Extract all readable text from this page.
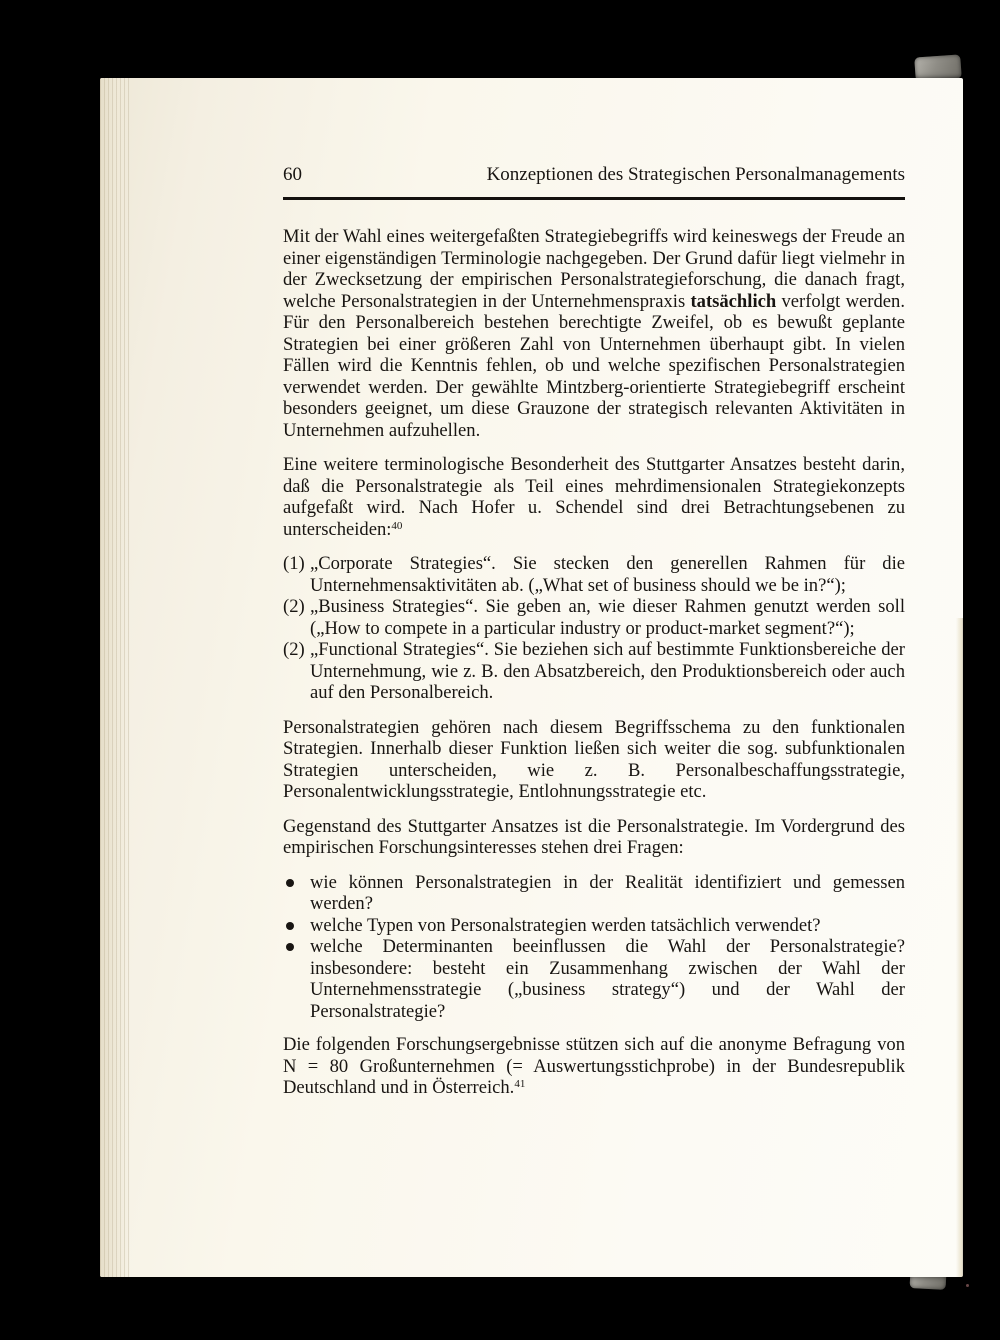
60	Konzeptionen des Strategischen Personalmanagements

Mit der Wahl eines weitergefaßten Strategiebegriffs wird keineswegs der Freude an einer eigenständigen Terminologie nachgegeben. Der Grund dafür liegt vielmehr in der Zwecksetzung der empirischen Personalstrategieforschung, die danach fragt, welche Personalstrategien in der Unternehmenspraxis tatsächlich verfolgt werden. Für den Personalbereich bestehen berechtigte Zweifel, ob es bewußt geplante Strategien bei einer größeren Zahl von Unternehmen überhaupt gibt. In vielen Fällen wird die Kenntnis fehlen, ob und welche spezifischen Personalstrategien verwendet werden. Der gewählte Mintzberg-orientierte Strategiebegriff erscheint besonders geeignet, um diese Grauzone der strategisch relevanten Aktivitäten in Unternehmen aufzuhellen.

Eine weitere terminologische Besonderheit des Stuttgarter Ansatzes besteht darin, daß die Personalstrategie als Teil eines mehrdimensionalen Strategiekonzepts aufgefaßt wird. Nach Hofer u. Schendel sind drei Betrachtungsebenen zu unterscheiden:$^{40}$

(1) „Corporate Strategies“. Sie stecken den generellen Rahmen für die Unternehmensaktivitäten ab. („What set of business should we be in?“);
(2) „Business Strategies“. Sie geben an, wie dieser Rahmen genutzt werden soll („How to compete in a particular industry or product-market segment?“);
(2) „Functional Strategies“. Sie beziehen sich auf bestimmte Funktionsbereiche der Unternehmung, wie z. B. den Absatzbereich, den Produktionsbereich oder auch auf den Personalbereich.

Personalstrategien gehören nach diesem Begriffsschema zu den funktionalen Strategien. Innerhalb dieser Funktion ließen sich weiter die sog. subfunktionalen Strategien unterscheiden, wie z. B. Personalbeschaffungsstrategie, Personalentwicklungsstrategie, Entlohnungsstrategie etc.

Gegenstand des Stuttgarter Ansatzes ist die Personalstrategie. Im Vordergrund des empirischen Forschungsinteresses stehen drei Fragen:

wie können Personalstrategien in der Realität identifiziert und gemessen werden?
welche Typen von Personalstrategien werden tatsächlich verwendet?
welche Determinanten beeinflussen die Wahl der Personalstrategie? insbesondere: besteht ein Zusammenhang zwischen der Wahl der Unternehmensstrategie („business strategy“) und der Wahl der Personalstrategie?

Die folgenden Forschungsergebnisse stützen sich auf die anonyme Befragung von N = 80 Großunternehmen (= Auswertungsstichprobe) in der Bundesrepublik Deutschland und in Österreich.$^{41}$
